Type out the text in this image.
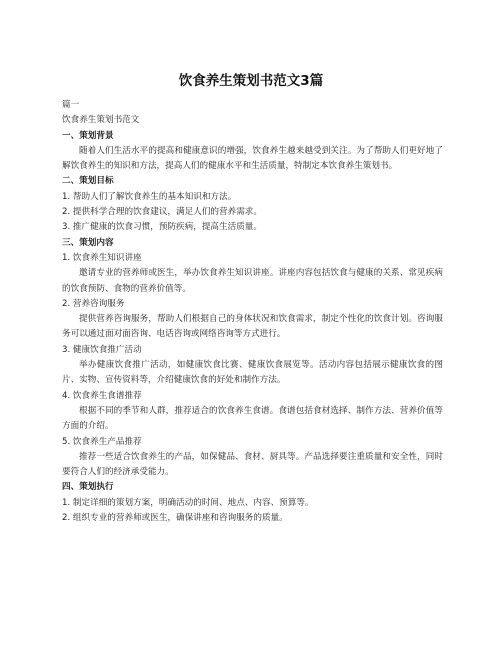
饮食养生策划书范文3篇

篇一

饮食养生策划书范文

一、策划背景

随着人们生活水平的提高和健康意识的增强，饮食养生越来越受到关注。为了帮助人们更好地了解饮食养生的知识和方法，提高人们的健康水平和生活质量，特制定本饮食养生策划书。

二、策划目标

1. 帮助人们了解饮食养生的基本知识和方法。

2. 提供科学合理的饮食建议，满足人们的营养需求。

3. 推广健康的饮食习惯，预防疾病，提高生活质量。

三、策划内容

1. 饮食养生知识讲座

邀请专业的营养师或医生，举办饮食养生知识讲座。讲座内容包括饮食与健康的关系、常见疾病的饮食预防、食物的营养价值等。

2. 营养咨询服务

提供营养咨询服务，帮助人们根据自己的身体状况和饮食需求，制定个性化的饮食计划。咨询服务可以通过面对面咨询、电话咨询或网络咨询等方式进行。

3. 健康饮食推广活动

举办健康饮食推广活动，如健康饮食比赛、健康饮食展览等。活动内容包括展示健康饮食的图片、实物、宣传资料等，介绍健康饮食的好处和制作方法。

4. 饮食养生食谱推荐

根据不同的季节和人群，推荐适合的饮食养生食谱。食谱包括食材选择、制作方法、营养价值等方面的介绍。

5. 饮食养生产品推荐

推荐一些适合饮食养生的产品，如保健品、食材、厨具等。产品选择要注重质量和安全性，同时要符合人们的经济承受能力。

四、策划执行

1. 制定详细的策划方案，明确活动的时间、地点、内容、预算等。

2. 组织专业的营养师或医生，确保讲座和咨询服务的质量。
